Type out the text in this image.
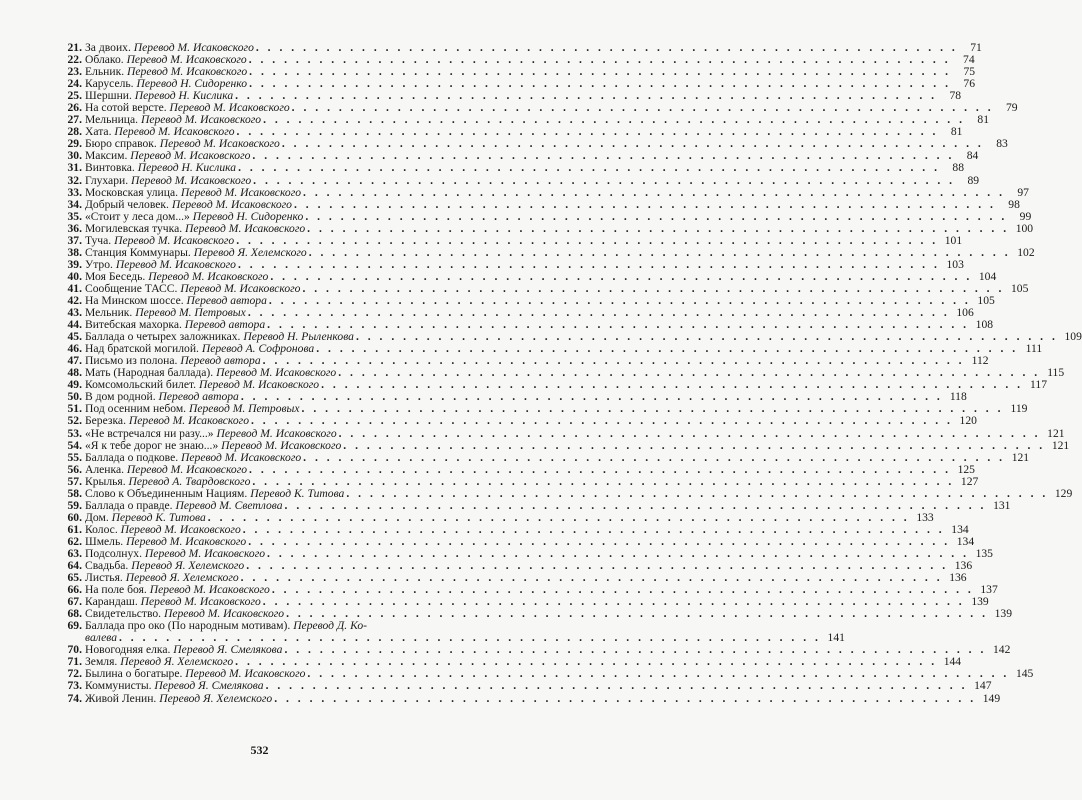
21. За двоих. Перевод М. Исаковского . . .	71
22. Облако. Перевод М. Исаковского . . .	74
23. Ельник. Перевод М. Исаковского . . .	75
24. Карусель. Перевод Н. Сидоренко . . .	76
25. Шершни. Перевод Н. Кислика . . .	78
26. На сотой версте. Перевод М. Исаковского . . .	79
27. Мельница. Перевод М. Исаковского . . .	81
28. Хата. Перевод М. Исаковского . . .	81
29. Бюро справок. Перевод М. Исаковского . . .	83
30. Максим. Перевод М. Исаковского . . .	84
31. Винтовка. Перевод Н. Кислика . . .	88
32. Глухари. Перевод М. Исаковского . . .	89
33. Московская улица. Перевод М. Исаковского . . .	97
34. Добрый человек. Перевод М. Исаковского . . .	98
35. «Стоит у леса дом...» Перевод Н. Сидоренко . . .	99
36. Могилевская тучка. Перевод М. Исаковского . . .	100
37. Туча. Перевод М. Исаковского . . .	101
38. Станция Коммунары. Перевод Я. Хелемского . . .	102
39. Утро. Перевод М. Исаковского . . .	103
40. Моя Беседь. Перевод М. Исаковского . . .	104
41. Сообщение ТАСС. Перевод М. Исаковского . . .	105
42. На Минском шоссе. Перевод автора . . .	105
43. Мельник. Перевод М. Петровых . . .	106
44. Витебская махорка. Перевод автора . . .	108
45. Баллада о четырех заложниках. Перевод Н. Рыленкова . . .	109
46. Над братской могилой. Перевод А. Софронова . . .	111
47. Письмо из полона. Перевод автора . . .	112
48. Мать (Народная баллада). Перевод М. Исаковского . . .	115
49. Комсомольский билет. Перевод М. Исаковского . . .	117
50. В дом родной. Перевод автора . . .	118
51. Под осенним небом. Перевод М. Петровых . . .	119
52. Березка. Перевод М. Исаковского . . .	120
53. «Не встречался ни разу...» Перевод М. Исаковского . . .	121
54. «Я к тебе дорог не знаю...» Перевод М. Исаковского . . .	121
55. Баллада о подкове. Перевод М. Исаковского . . .	121
56. Аленка. Перевод М. Исаковского . . .	125
57. Крылья. Перевод А. Твардовского . . .	127
58. Слово к Объединенным Нациям. Перевод К. Титова . . .	129
59. Баллада о правде. Перевод М. Светлова . . .	131
60. Дом. Перевод К. Титова . . .	133
61. Колос. Перевод М. Исаковского . . .	134
62. Шмель. Перевод М. Исаковского . . .	134
63. Подсолнух. Перевод М. Исаковского . . .	135
64. Свадьба. Перевод Я. Хелемского . . .	136
65. Листья. Перевод Я. Хелемского . . .	136
66. На поле боя. Перевод М. Исаковского . . .	137
67. Карандаш. Перевод М. Исаковского . . .	139
68. Свидетельство. Перевод М. Исаковского . . .	139
69. Баллада про око (По народным мотивам). Перевод Д. Ко-
валева . . .	141
70. Новогодняя елка. Перевод Я. Смелякова . . .	142
71. Земля. Перевод Я. Хелемского . . .	144
72. Былина о богатыре. Перевод М. Исаковского . . .	145
73. Коммунисты. Перевод Я. Смелякова . . .	147
74. Живой Ленин. Перевод Я. Хелемского . . .	149
532
